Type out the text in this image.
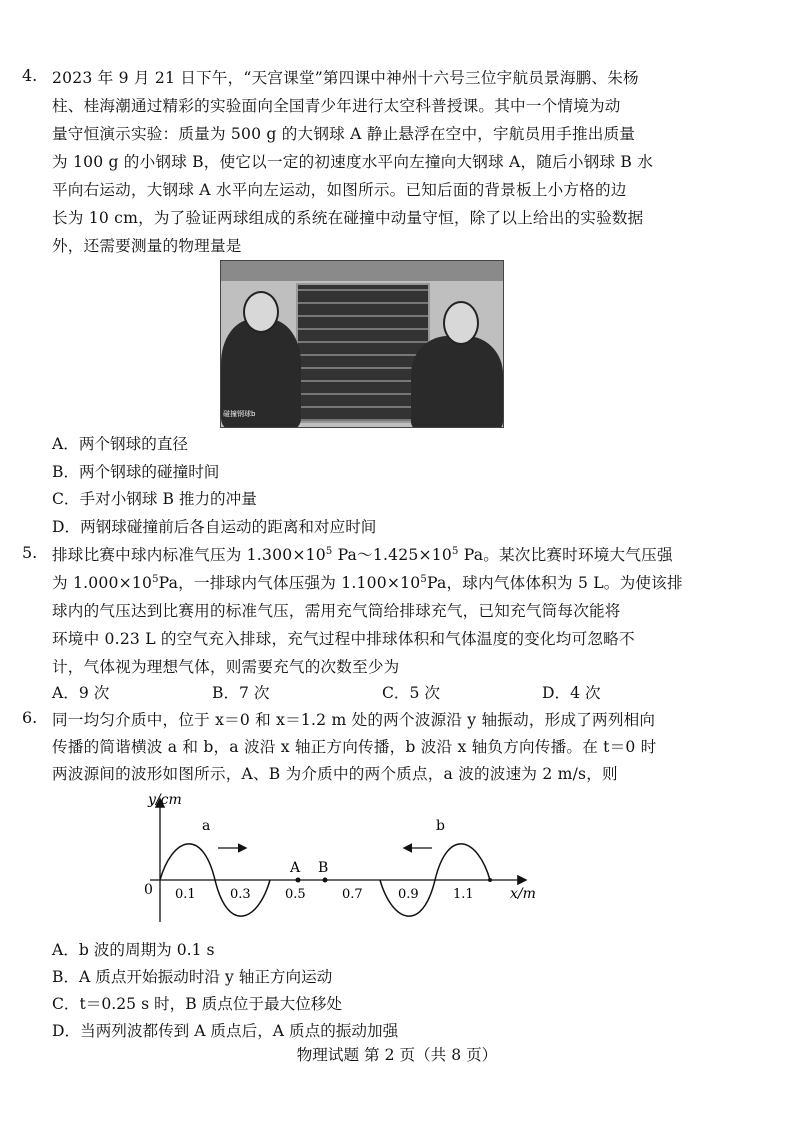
4. 2023 年 9 月 21 日下午，“天宫课堂”第四课中神州十六号三位宇航员景海鹏、朱杨
柱、桂海潮通过精彩的实验面向全国青少年进行太空科普授课。其中一个情境为动
量守恒演示实验：质量为 500 g 的大钢球 A 静止悬浮在空中，宇航员用手推出质量
为 100 g 的小钢球 B，使它以一定的初速度水平向左撞向大钢球 A，随后小钢球 B 水
平向右运动，大钢球 A 水平向左运动，如图所示。已知后面的背景板上小方格的边
长为 10 cm，为了验证两球组成的系统在碰撞中动量守恒，除了以上给出的实验数据
外，还需要测量的物理量是
碰撞钢球b
A．两个钢球的直径
B．两个钢球的碰撞时间
C．手对小钢球 B 推力的冲量
D．两钢球碰撞前后各自运动的距离和对应时间
5. 排球比赛中球内标准气压为 $1.300\times 10^5$ $Pa\sim 1.425\times 10^5$ Pa。某次比赛时环境大气压强
为 $1.000\times 10^5Pa$，一排球内气体压强为 $1.100\times 10^5Pa$，球内气体体积为 5 L。为使该排
球内的气压达到比赛用的标准气压，需用充气筒给排球充气，已知充气筒每次能将
环境中 0.23 L 的空气充入排球，充气过程中排球体积和气体温度的变化均可忽略不
计，气体视为理想气体，则需要充气的次数至少为
A．9 次	B．7 次	C．5 次	D．4 次
6. 同一均匀介质中，位于 x＝0 和 x＝1.2 m 处的两个波源沿 y 轴振动，形成了两列相向
传播的简谐横波 a 和 b，a 波沿 x 轴正方向传播，b 波沿 x 轴负方向传播。在 t＝0 时
两波源间的波形如图所示，A、B 为介质中的两个质点，a 波的波速为 2 m/s，则
y/cm
x/m
0 0.1	0.3	0.5	0.7	0.9	1.1
a	b
A B
A．b 波的周期为 0.1 s
B．A 质点开始振动时沿 y 轴正方向运动
C．t＝0.25 s 时，B 质点位于最大位移处
D．当两列波都传到 A 质点后，A 质点的振动加强
物理试题 第 2 页（共 8 页）
